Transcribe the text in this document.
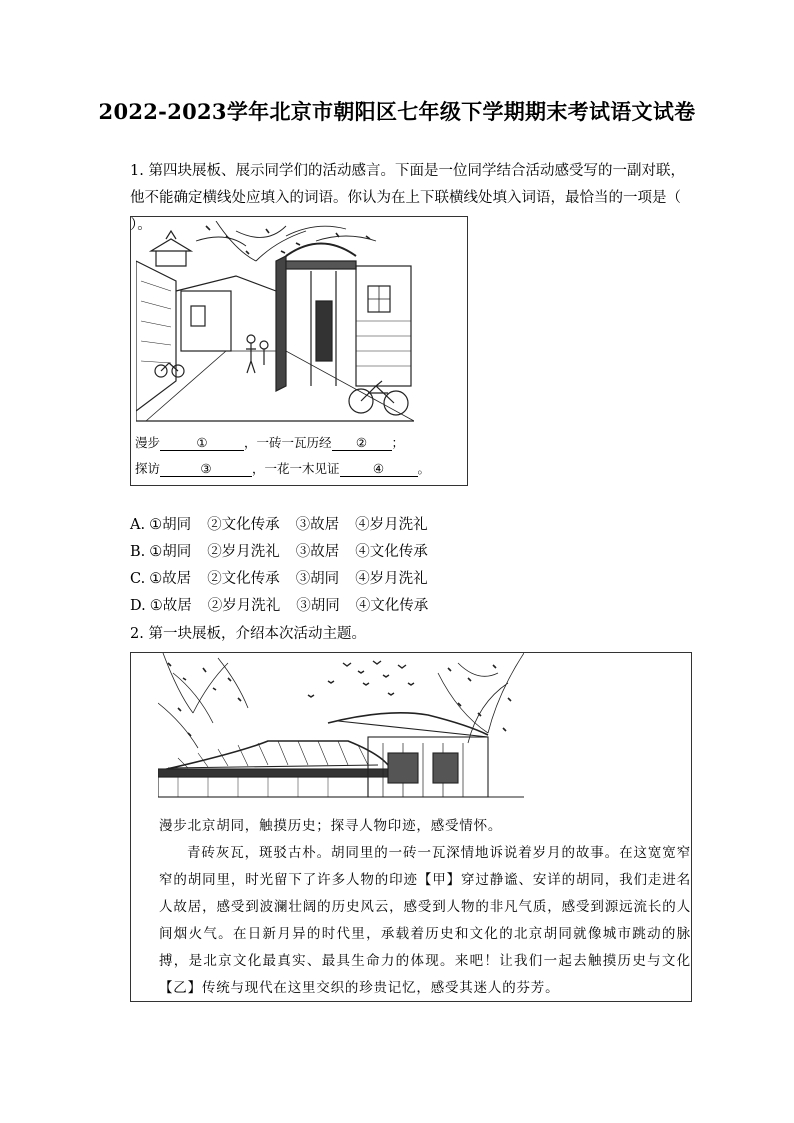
2022-2023学年北京市朝阳区七年级下学期期末考试语文试卷
1. 第四块展板、展示同学们的活动感言。下面是一位同学结合活动感受写的一副对联，他不能确定横线处应填入的词语。你认为在上下联横线处填入词语，最恰当的一项是（ ）。
漫步	①	，一砖一瓦历经 ② ；
探访	③	，一花一木见证	④	。
A. ①胡同 ②文化传承 ③故居 ④岁月洗礼
B. ①胡同 ②岁月洗礼 ③故居 ④文化传承
C. ①故居 ②文化传承 ③胡同 ④岁月洗礼
D. ①故居 ②岁月洗礼 ③胡同 ④文化传承
2. 第一块展板，介绍本次活动主题。
漫步北京胡同，触摸历史；探寻人物印迹，感受情怀。
青砖灰瓦，斑驳古朴。胡同里的一砖一瓦深情地诉说着岁月的故事。在这宽宽窄窄的胡同里，时光留下了许多人物的印迹【甲】穿过静谧、安详的胡同，我们走进名人故居，感受到波澜壮阔的历史风云，感受到人物的非凡气质，感受到源远流长的人间烟火气。在日新月异的时代里，承载着历史和文化的北京胡同就像城市跳动的脉搏，是北京文化最真实、最具生命力的体现。来吧！让我们一起去触摸历史与文化【乙】传统与现代在这里交织的珍贵记忆，感受其迷人的芬芳。
